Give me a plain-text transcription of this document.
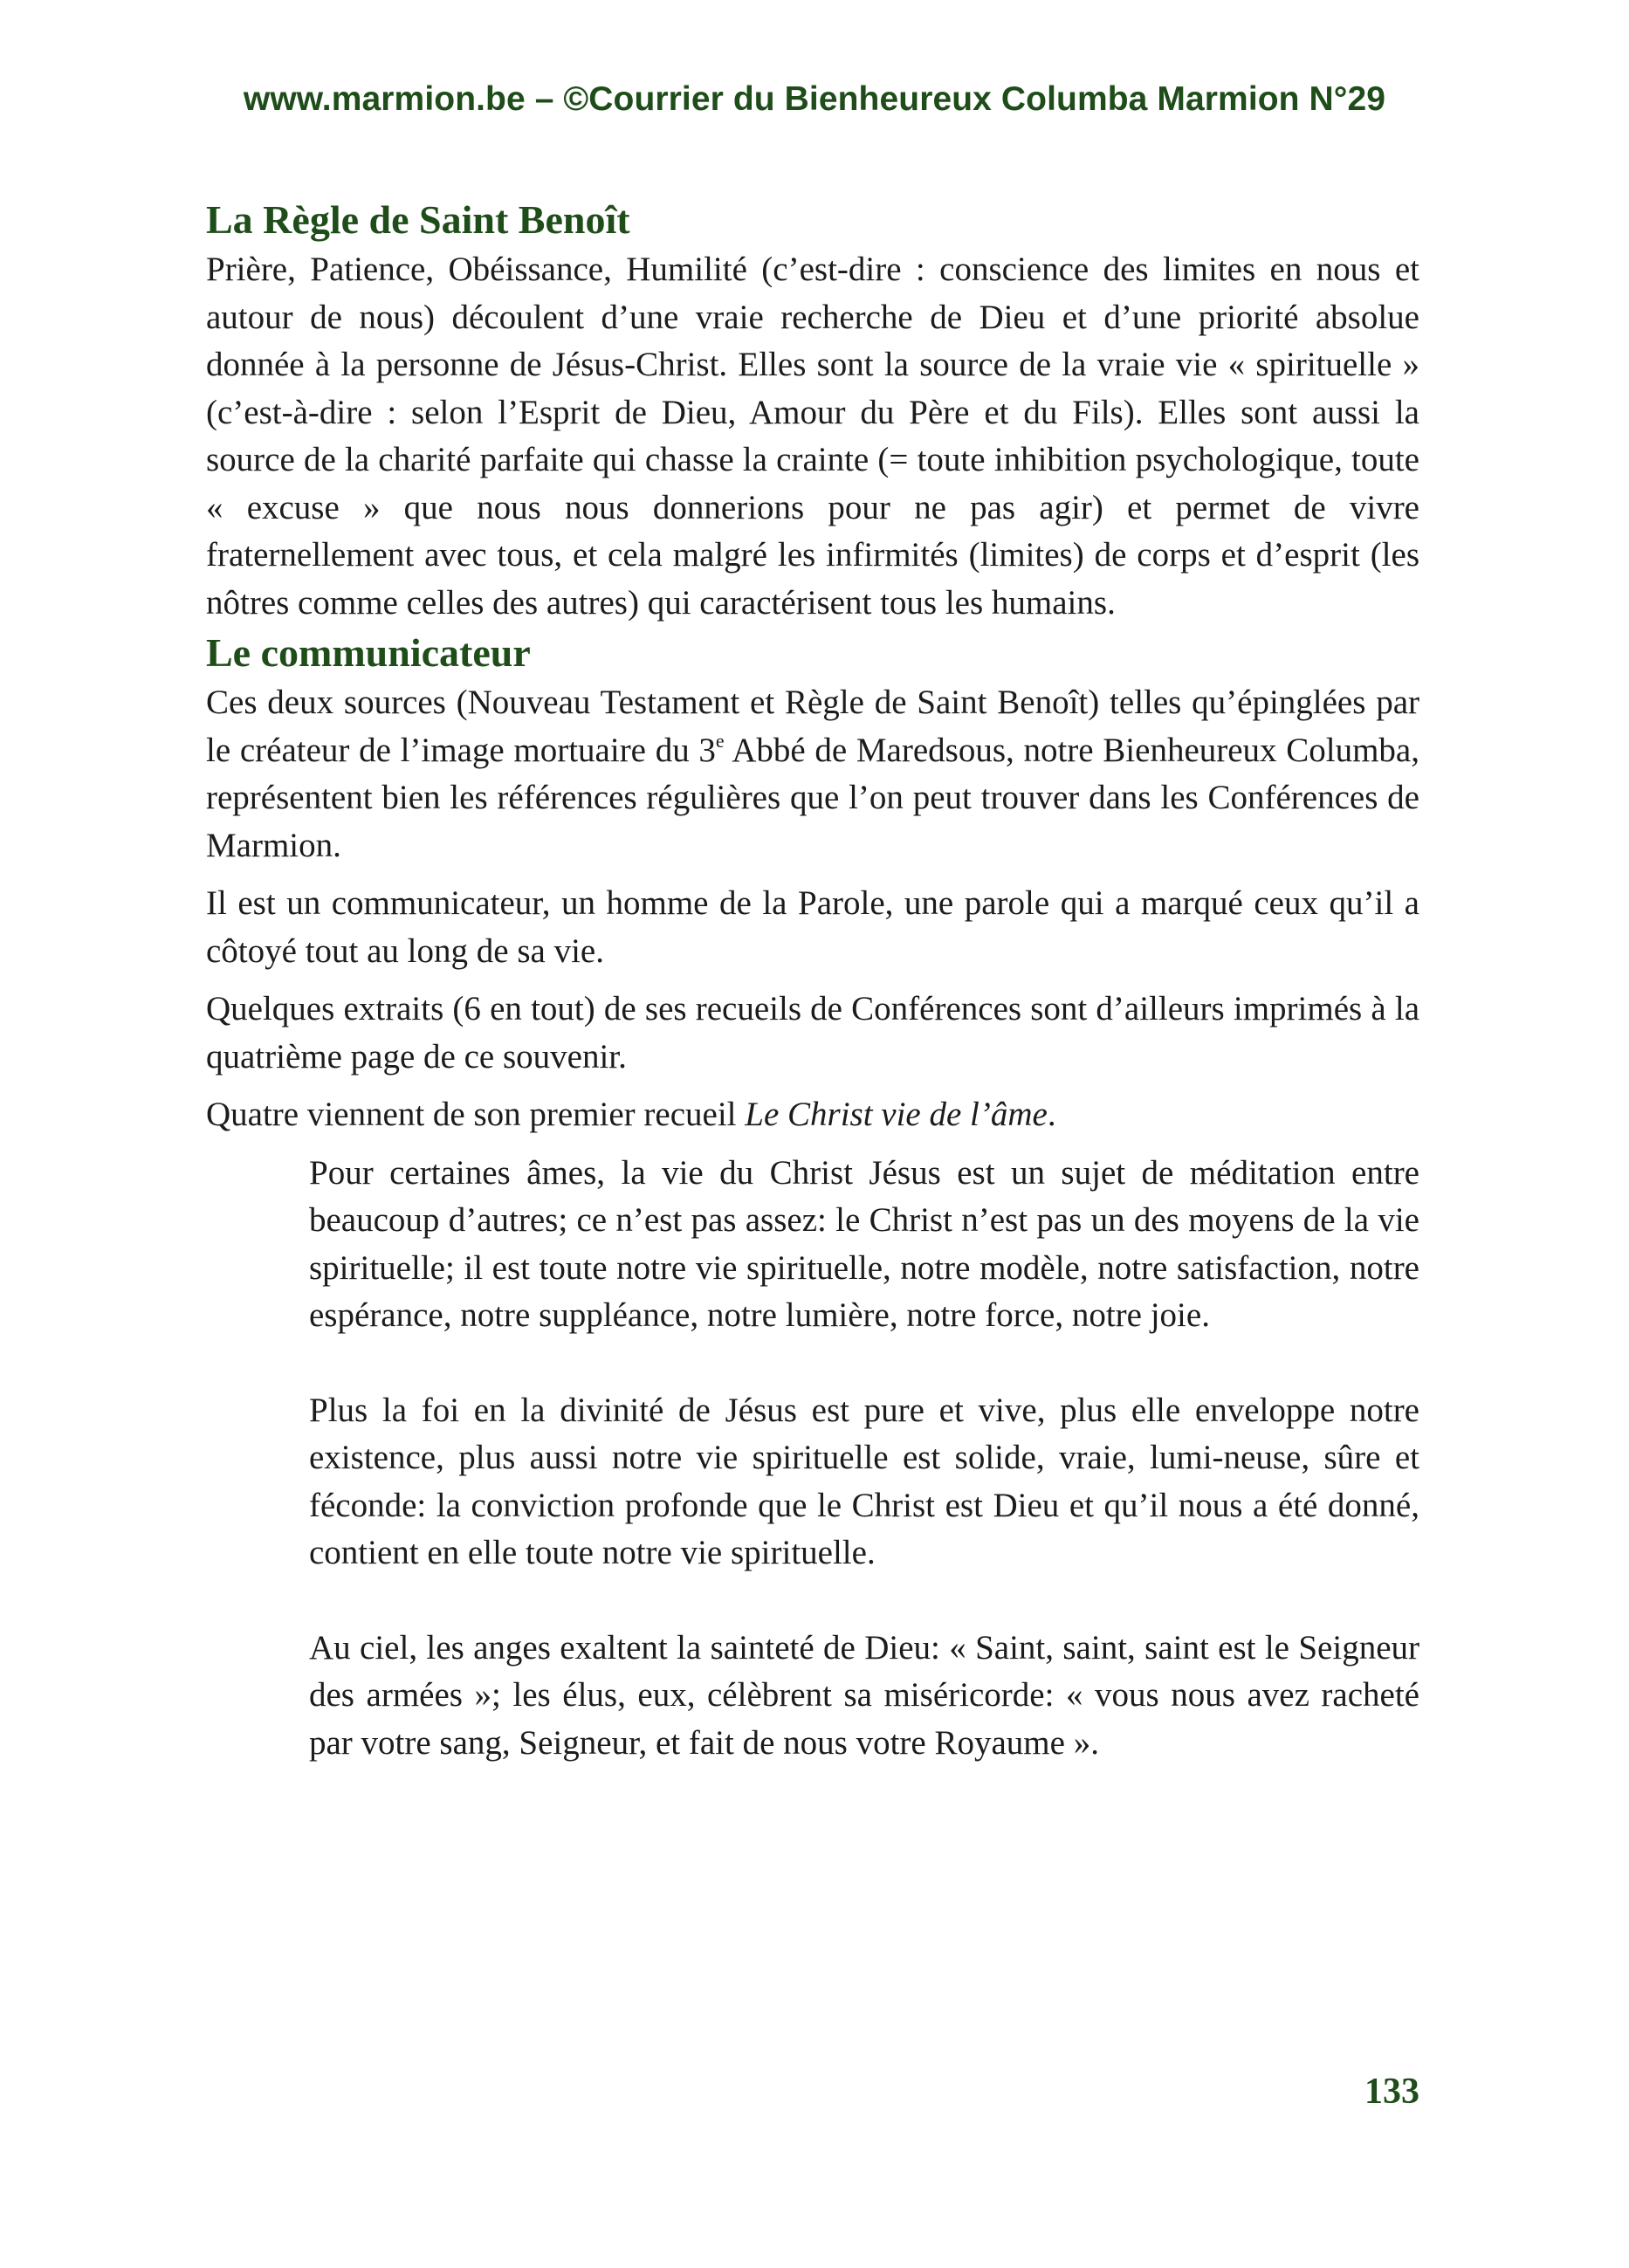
www.marmion.be – ©Courrier du Bienheureux Columba Marmion N°29
La Règle de Saint Benoît

Prière, Patience, Obéissance, Humilité (c’est-dire : conscience des limites en nous et autour de nous) découlent d’une vraie recherche de Dieu et d’une priorité absolue donnée à la personne de Jésus-Christ. Elles sont la source de la vraie vie « spirituelle » (c’est-à-dire : selon l’Esprit de Dieu, Amour du Père et du Fils). Elles sont aussi la source de la charité parfaite qui chasse la crainte (= toute inhibition psychologique, toute « excuse » que nous nous donnerions pour ne pas agir) et permet de vivre fraternellement avec tous, et cela malgré les infirmités (limites) de corps et d’esprit (les nôtres comme celles des autres) qui caractérisent tous les humains.

Le communicateur

Ces deux sources (Nouveau Testament et Règle de Saint Benoît) telles qu’épinglées par le créateur de l’image mortuaire du 3e Abbé de Maredsous, notre Bienheureux Columba, représentent bien les références régulières que l’on peut trouver dans les Conférences de Marmion.

Il est un communicateur, un homme de la Parole, une parole qui a marqué ceux qu’il a côtoyé tout au long de sa vie.

Quelques extraits (6 en tout) de ses recueils de Conférences sont d’ailleurs imprimés à la quatrième page de ce souvenir.

Quatre viennent de son premier recueil Le Christ vie de l’âme.

Pour certaines âmes, la vie du Christ Jésus est un sujet de méditation entre beaucoup d’autres; ce n’est pas assez: le Christ n’est pas un des moyens de la vie spirituelle; il est toute notre vie spirituelle, notre modèle, notre satisfaction, notre espérance, notre suppléance, notre lumière, notre force, notre joie.

Plus la foi en la divinité de Jésus est pure et vive, plus elle enveloppe notre existence, plus aussi notre vie spirituelle est solide, vraie, lumi-neuse, sûre et féconde: la conviction profonde que le Christ est Dieu et qu’il nous a été donné, contient en elle toute notre vie spirituelle.

Au ciel, les anges exaltent la sainteté de Dieu: « Saint, saint, saint est le Seigneur des armées »; les élus, eux, célèbrent sa miséricorde: « vous nous avez racheté par votre sang, Seigneur, et fait de nous votre Royaume ».

133
